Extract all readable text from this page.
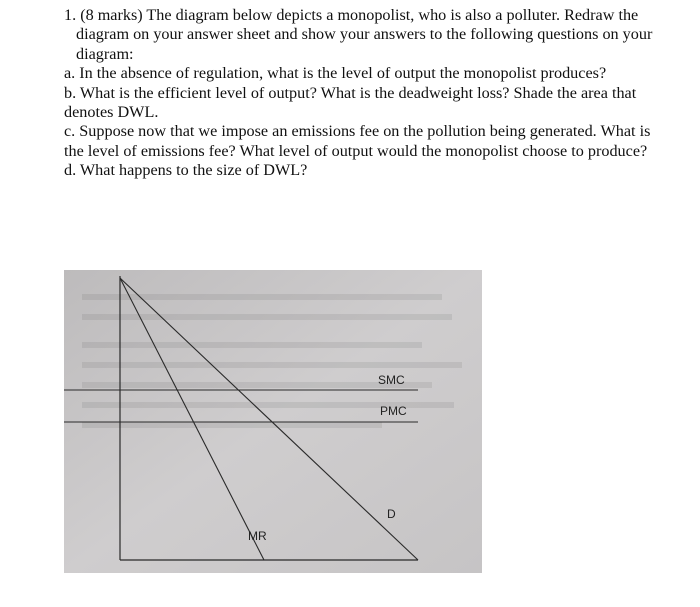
1. (8 marks) The diagram below depicts a monopolist, who is also a polluter. Redraw the diagram on your answer sheet and show your answers to the following questions on your diagram:

a. In the absence of regulation, what is the level of output the monopolist produces?

b. What is the efficient level of output? What is the deadweight loss? Shade the area that denotes DWL.

c. Suppose now that we impose an emissions fee on the pollution being generated. What is the level of emissions fee? What level of output would the monopolist choose to produce?

d. What happens to the size of DWL?

SMC
PMC
D
MR
